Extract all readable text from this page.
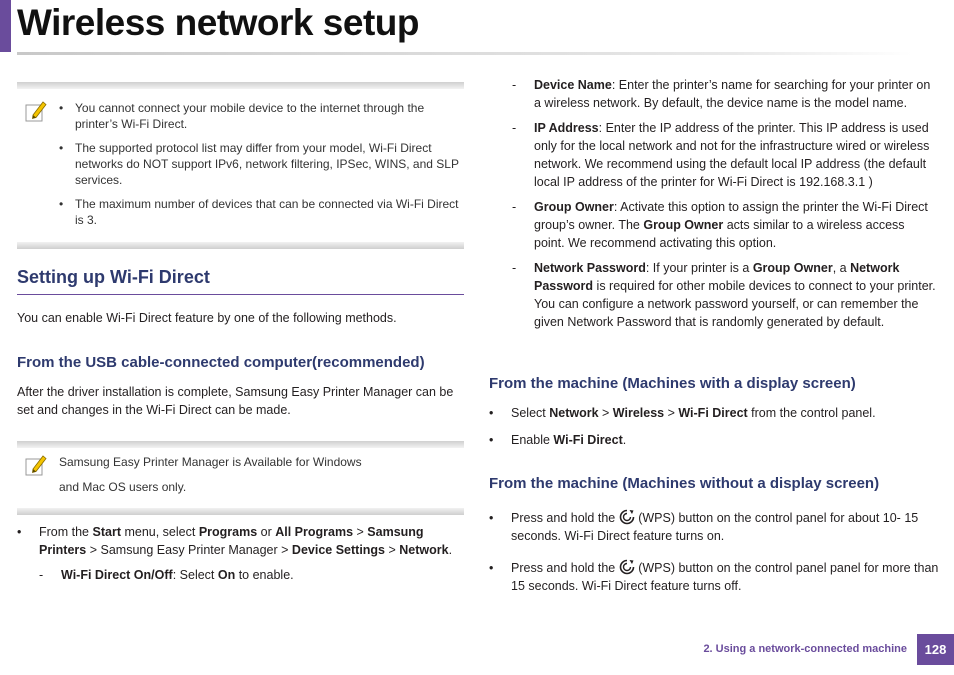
Wireless network setup
• You cannot connect your mobile device to the internet through the printer’s Wi-Fi Direct.
• The supported protocol list may differ from your model, Wi-Fi Direct networks do NOT support IPv6, network filtering, IPSec, WINS, and SLP services.
• The maximum number of devices that can be connected via Wi-Fi Direct is 3.
Setting up Wi-Fi Direct
You can enable Wi-Fi Direct feature by one of the following methods.
From the USB cable-connected computer(recommended)
After the driver installation is complete, Samsung Easy Printer Manager can be set and changes in the Wi-Fi Direct can be made.
Samsung Easy Printer Manager is Available for Windows
and Mac OS users only.
• From the Start menu, select Programs or All Programs > Samsung Printers > Samsung Easy Printer Manager > Device Settings > Network.
- Wi-Fi Direct On/Off: Select On to enable.
- Device Name: Enter the printer’s name for searching for your printer on a wireless network. By default, the device name is the model name.
- IP Address: Enter the IP address of the printer. This IP address is used only for the local network and not for the infrastructure wired or wireless network. We recommend using the default local IP address (the default local IP address of the printer for Wi-Fi Direct is 192.168.3.1 )
- Group Owner: Activate this option to assign the printer the Wi-Fi Direct group’s owner. The Group Owner acts similar to a wireless access point. We recommend activating this option.
- Network Password: If your printer is a Group Owner, a Network Password is required for other mobile devices to connect to your printer. You can configure a network password yourself, or can remember the given Network Password that is randomly generated by default.
From the machine (Machines with a display screen)
• Select Network > Wireless > Wi-Fi Direct from the control panel.
• Enable Wi-Fi Direct.
From the machine (Machines without a display screen)
• Press and hold the  (WPS) button on the control panel for about 10- 15 seconds. Wi-Fi Direct feature turns on.
• Press and hold the  (WPS) button on the control panel panel for more than 15 seconds. Wi-Fi Direct feature turns off.
2. Using a network-connected machine	128
